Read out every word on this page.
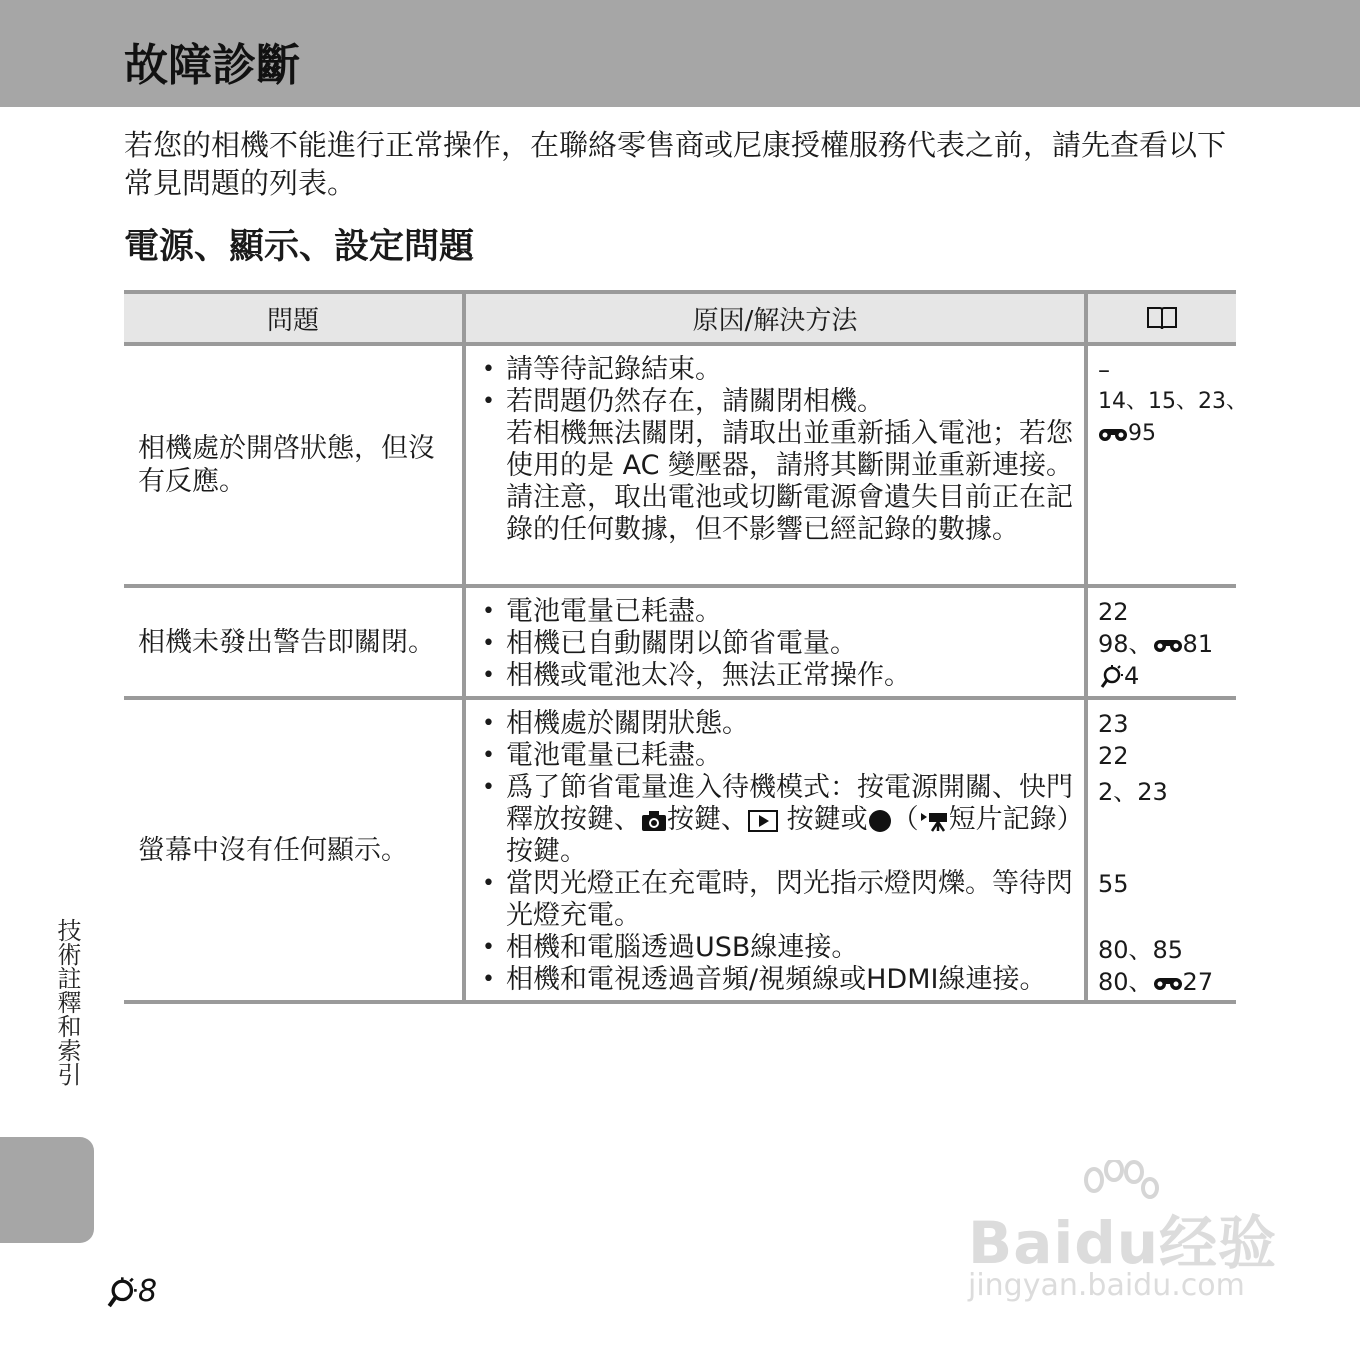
故障診斷

若您的相機不能進行正常操作，在聯絡零售商或尼康授權服務代表之前，請先查看以下常見問題的列表。

電源、顯示、設定問題
問題	原因/解決方法
相機處於開啓狀態，但沒有反應。
• 請等待記錄結束。
• 若問題仍然存在，請關閉相機。
若相機無法關閉，請取出並重新插入電池；若您使用的是 AC 變壓器，請將其斷開並重新連接。
請注意，取出電池或切斷電源會遺失目前正在記錄的任何數據，但不影響已經記錄的數據。
–
14、15、23、
95
相機未發出警告即關閉。
• 電池電量已耗盡。
• 相機已自動關閉以節省電量。
• 相機或電池太冷，無法正常操作。
22
98、 81
4
螢幕中沒有任何顯示。
• 相機處於關閉狀態。
• 電池電量已耗盡。
• 爲了節省電量進入待機模式：按電源開關、快門釋放按鍵、 按鍵、 按鍵或 （ 短片記錄）按鍵。
• 當閃光燈正在充電時，閃光指示燈閃爍。等待閃光燈充電。
• 相機和電腦透過USB線連接。
• 相機和電視透過音頻/視頻線或HDMI線連接。
23
22
2、23
55
80、85
80、 27
技術註釋和索引
8
Baidu经验
jingyan.baidu.com
